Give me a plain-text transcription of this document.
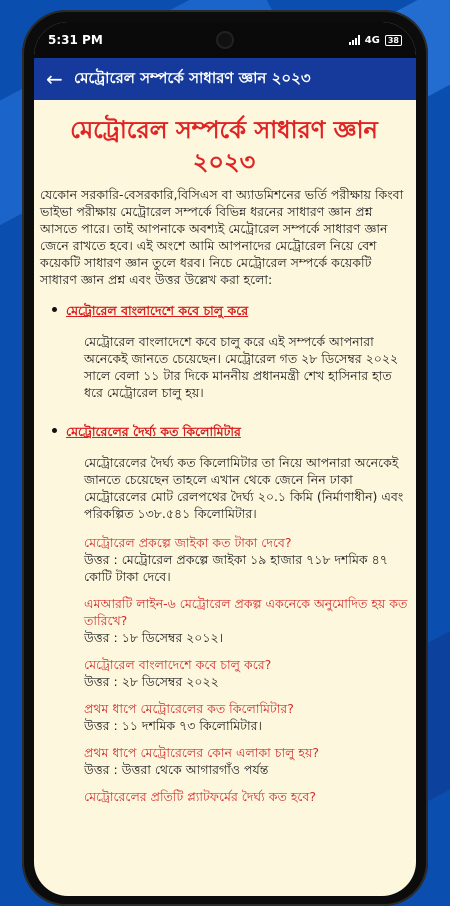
5:31 PM	4G	38
← মেট্রোরেল সম্পর্কে সাধারণ জ্ঞান ২০২৩
মেট্রোরেল সম্পর্কে সাধারণ জ্ঞান ২০২৩
যেকোন সরকারি-বেসরকারি,বিসিএস বা অ্যাডমিশনের ভর্তি পরীক্ষায় কিংবা ভাইভা পরীক্ষায় মেট্রোরেল সম্পর্কে বিভিন্ন ধরনের সাধারণ জ্ঞান প্রশ্ন আসতে পারে। তাই আপনাকে অবশ্যই মেট্রোরেল সম্পর্কে সাধারণ জ্ঞান জেনে রাখতে হবে। এই অংশে আমি আপনাদের মেট্রোরেল নিয়ে বেশ কয়েকটি সাধারণ জ্ঞান তুলে ধরব। নিচে মেট্রোরেল সম্পর্কে কয়েকটি সাধারণ জ্ঞান প্রশ্ন এবং উত্তর উল্লেখ করা হলো:
মেট্রোরেল বাংলাদেশে কবে চালু করে
মেট্রোরেল বাংলাদেশে কবে চালু করে এই সম্পর্কে আপনারা অনেকেই জানতে চেয়েছেন। মেট্রোরেল গত ২৮ ডিসেম্বর ২০২২ সালে বেলা ১১ টার দিকে মাননীয় প্রধানমন্ত্রী শেখ হাসিনার হাত ধরে মেট্রোরেল চালু হয়।
মেট্রোরেলের দৈর্ঘ্য কত কিলোমিটার
মেট্রোরেলের দৈর্ঘ্য কত কিলোমিটার তা নিয়ে আপনারা অনেকেই জানতে চেয়েছেন তাহলে এখান থেকে জেনে নিন ঢাকা মেট্রোরেলের মোট রেলপথের দৈর্ঘ্য ২০.১ কিমি (নির্মাণাধীন) এবং পরিকল্পিত ১৩৮.৫৪১ কিলোমিটার।
মেট্রোরেল প্রকল্পে জাইকা কত টাকা দেবে?
উত্তর : মেট্রোরেল প্রকল্পে জাইকা ১৯ হাজার ৭১৮ দশমিক ৪৭ কোটি টাকা দেবে।
এমআরটি লাইন-৬ মেট্রোরেল প্রকল্প একনেকে অনুমোদিত হয় কত তারিখে?
উত্তর : ১৮ ডিসেম্বর ২০১২।
মেট্রোরেল বাংলাদেশে কবে চালু করে?
উত্তর : ২৮ ডিসেম্বর ২০২২
প্রথম ধাপে মেট্রোরেলের কত কিলোমিটার?
উত্তর : ১১ দশমিক ৭৩ কিলোমিটার।
প্রথম ধাপে মেট্রোরেলের কোন এলাকা চালু হয়?
উত্তর : উত্তরা থেকে আগারগাঁও পর্যন্ত
মেট্রোরেলের প্রতিটি প্ল্যাটফর্মের দৈর্ঘ্য কত হবে?
